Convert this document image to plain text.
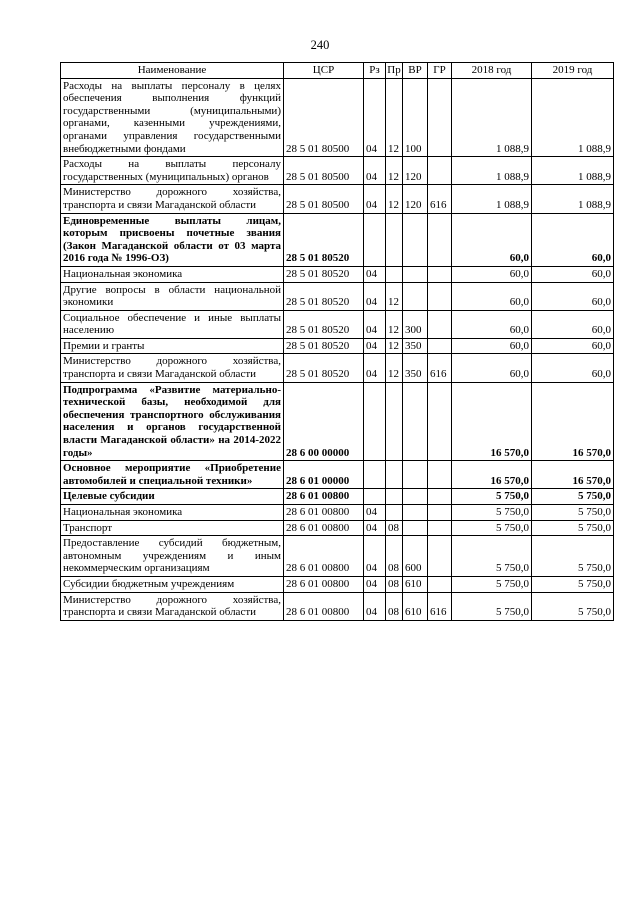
240
Наименование	ЦСР	Рз	Пр	ВР	ГР	2018 год	2019 год
Расходы на выплаты персоналу в целях обеспечения выполнения функций государственными (муниципальными) органами, казенными учреждениями, органами управления государственными внебюджетными фондами	28 5 01 80500	04	12	100		1 088,9	1 088,9
Расходы на выплаты персоналу государственных (муниципальных) органов	28 5 01 80500	04	12	120		1 088,9	1 088,9
Министерство дорожного хозяйства, транспорта и связи Магаданской области	28 5 01 80500	04	12	120	616	1 088,9	1 088,9
Единовременные выплаты лицам, которым присвоены почетные звания (Закон Магаданской области от 03 марта 2016 года № 1996-ОЗ)	28 5 01 80520					60,0	60,0
Национальная экономика	28 5 01 80520	04				60,0	60,0
Другие вопросы в области национальной экономики	28 5 01 80520	04	12			60,0	60,0
Социальное обеспечение и иные выплаты населению	28 5 01 80520	04	12	300		60,0	60,0
Премии и гранты	28 5 01 80520	04	12	350		60,0	60,0
Министерство дорожного хозяйства, транспорта и связи Магаданской области	28 5 01 80520	04	12	350	616	60,0	60,0
Подпрограмма «Развитие материально-технической базы, необходимой для обеспечения транспортного обслуживания населения и органов государственной власти Магаданской области» на 2014-2022 годы»	28 6 00 00000					16 570,0	16 570,0
Основное мероприятие «Приобретение автомобилей и специальной техники»	28 6 01 00000					16 570,0	16 570,0
Целевые субсидии	28 6 01 00800					5 750,0	5 750,0
Национальная экономика	28 6 01 00800	04				5 750,0	5 750,0
Транспорт	28 6 01 00800	04	08			5 750,0	5 750,0
Предоставление субсидий бюджетным, автономным учреждениям и иным некоммерческим организациям	28 6 01 00800	04	08	600		5 750,0	5 750,0
Субсидии бюджетным учреждениям	28 6 01 00800	04	08	610		5 750,0	5 750,0
Министерство дорожного хозяйства, транспорта и связи Магаданской области	28 6 01 00800	04	08	610	616	5 750,0	5 750,0
